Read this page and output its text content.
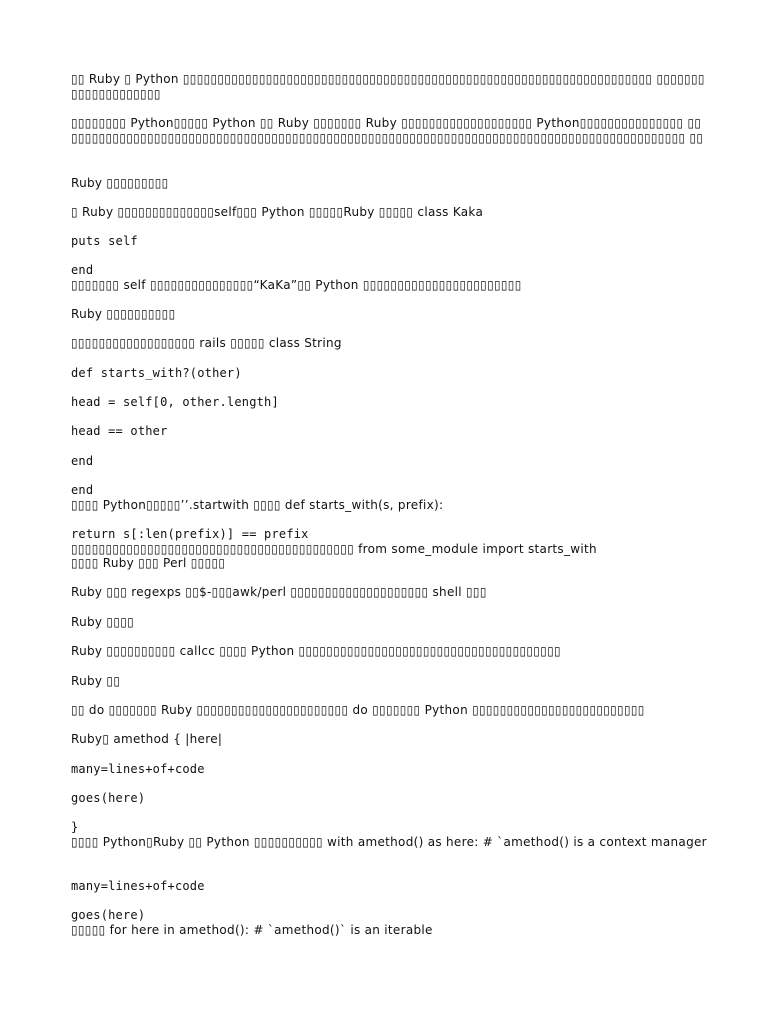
▯▯ Ruby ▯ Python ▯▯▯▯▯▯▯▯▯▯▯▯▯▯▯▯▯▯▯▯▯▯▯▯▯▯▯▯▯▯▯▯▯▯▯▯▯▯▯▯▯▯▯▯▯▯▯▯▯▯▯▯▯▯▯▯▯▯▯▯▯▯▯▯▯▯▯▯ ▯▯▯▯▯▯▯▯▯▯▯▯▯▯▯▯▯▯▯▯

▯▯▯▯▯▯▯▯ Python▯▯▯▯▯ Python ▯▯ Ruby ▯▯▯▯▯▯▯ Ruby ▯▯▯▯▯▯▯▯▯▯▯▯▯▯▯▯▯▯▯ Python▯▯▯▯▯▯▯▯▯▯▯▯▯▯▯ ▯▯▯▯▯▯▯▯▯▯▯▯▯▯▯▯▯▯▯▯▯▯▯▯▯▯▯▯▯▯▯▯▯▯▯▯▯▯▯▯▯▯▯▯▯▯▯▯▯▯▯▯▯▯▯▯▯▯▯▯▯▯▯▯▯▯▯▯▯▯▯▯▯▯▯▯▯▯▯▯▯▯▯▯▯▯▯▯▯▯▯ ▯▯

Ruby ▯▯▯▯▯▯▯▯▯

▯ Ruby ▯▯▯▯▯▯▯▯▯▯▯▯▯▯self▯▯▯ Python ▯▯▯▯▯Ruby ▯▯▯▯▯ class Kaka

puts self

end

▯▯▯▯▯▯▯ self ▯▯▯▯▯▯▯▯▯▯▯▯▯▯▯“KaKa”▯▯ Python ▯▯▯▯▯▯▯▯▯▯▯▯▯▯▯▯▯▯▯▯▯▯▯

Ruby ▯▯▯▯▯▯▯▯▯▯

▯▯▯▯▯▯▯▯▯▯▯▯▯▯▯▯▯▯ rails ▯▯▯▯▯ class String

def starts_with?(other)

head = self[0, other.length]

head == other

end

end

▯▯▯▯ Python▯▯▯▯▯’’.startwith ▯▯▯▯ def starts_with(s, prefix):

return s[:len(prefix)] == prefix

▯▯▯▯▯▯▯▯▯▯▯▯▯▯▯▯▯▯▯▯▯▯▯▯▯▯▯▯▯▯▯▯▯▯▯▯▯▯▯▯▯ from some_module import starts_with

▯▯▯▯ Ruby ▯▯▯ Perl ▯▯▯▯▯

Ruby ▯▯▯ regexps ▯▯$-▯▯▯awk/perl ▯▯▯▯▯▯▯▯▯▯▯▯▯▯▯▯▯▯▯▯ shell ▯▯▯

Ruby ▯▯▯▯

Ruby ▯▯▯▯▯▯▯▯▯▯ callcc ▯▯▯▯ Python ▯▯▯▯▯▯▯▯▯▯▯▯▯▯▯▯▯▯▯▯▯▯▯▯▯▯▯▯▯▯▯▯▯▯▯▯▯▯

Ruby ▯▯

▯▯ do ▯▯▯▯▯▯▯ Ruby ▯▯▯▯▯▯▯▯▯▯▯▯▯▯▯▯▯▯▯▯▯▯ do ▯▯▯▯▯▯▯ Python ▯▯▯▯▯▯▯▯▯▯▯▯▯▯▯▯▯▯▯▯▯▯▯▯▯

Ruby▯ amethod { |here|

many=lines+of+code

goes(here)

}

▯▯▯▯ Python▯Ruby ▯▯ Python ▯▯▯▯▯▯▯▯▯▯ with amethod() as here: # `amethod() is a context manager

many=lines+of+code

goes(here)

▯▯▯▯▯ for here in amethod(): # `amethod()` is an iterable
